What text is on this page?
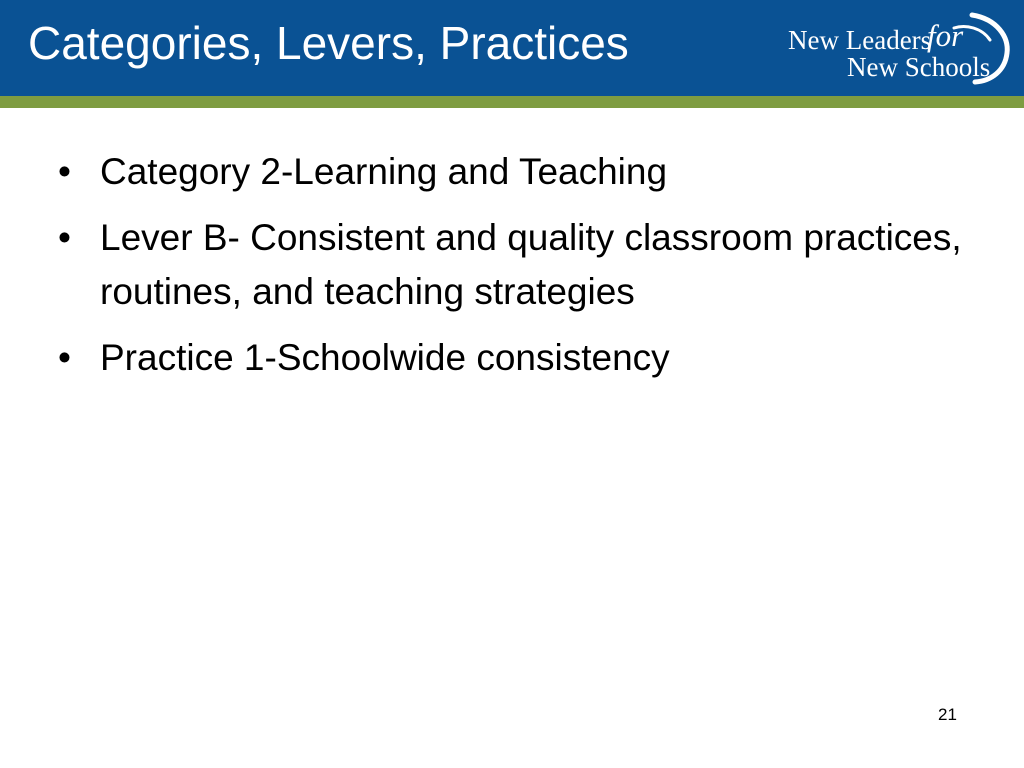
Categories, Levers, Practices	New Leaders
for
New Schools
• Category 2-Learning and Teaching
• Lever B- Consistent and quality classroom practices, routines, and teaching strategies
• Practice 1-Schoolwide consistency
21
